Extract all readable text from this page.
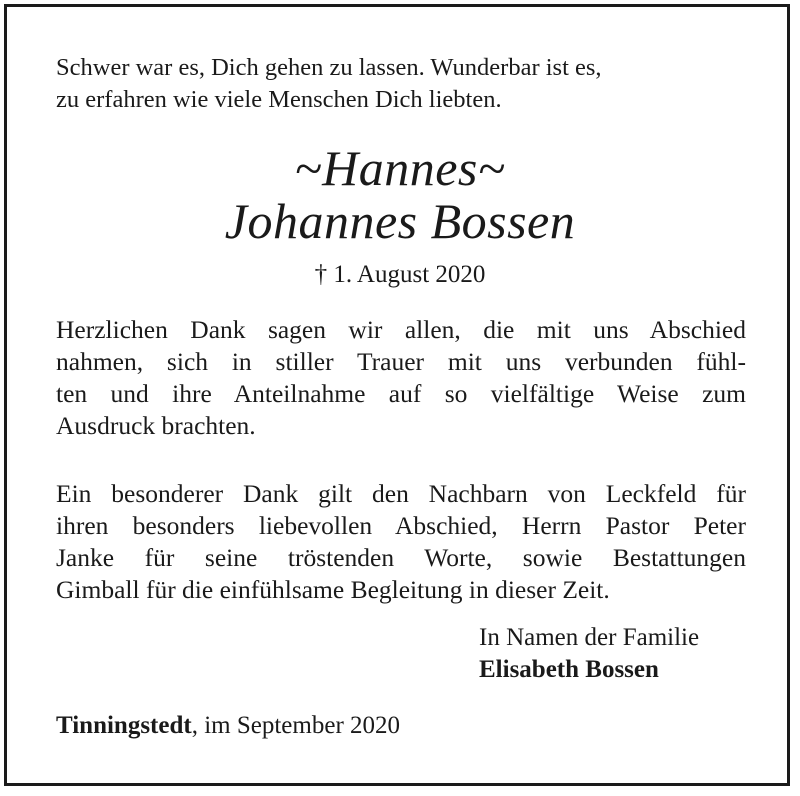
Schwer war es, Dich gehen zu lassen. Wunderbar ist es,
zu erfahren wie viele Menschen Dich liebten.
~Hannes~
Johannes Bossen
† 1. August 2020
Herzlichen Dank sagen wir allen, die mit uns Abschied
nahmen, sich in stiller Trauer mit uns verbunden fühl-
ten und ihre Anteilnahme auf so vielfältige Weise zum
Ausdruck brachten.
Ein besonderer Dank gilt den Nachbarn von Leckfeld für
ihren besonders liebevollen Abschied, Herrn Pastor Peter
Janke für seine tröstenden Worte, sowie Bestattungen
Gimball für die einfühlsame Begleitung in dieser Zeit.
In Namen der Familie
Elisabeth Bossen
Tinningstedt, im September 2020
